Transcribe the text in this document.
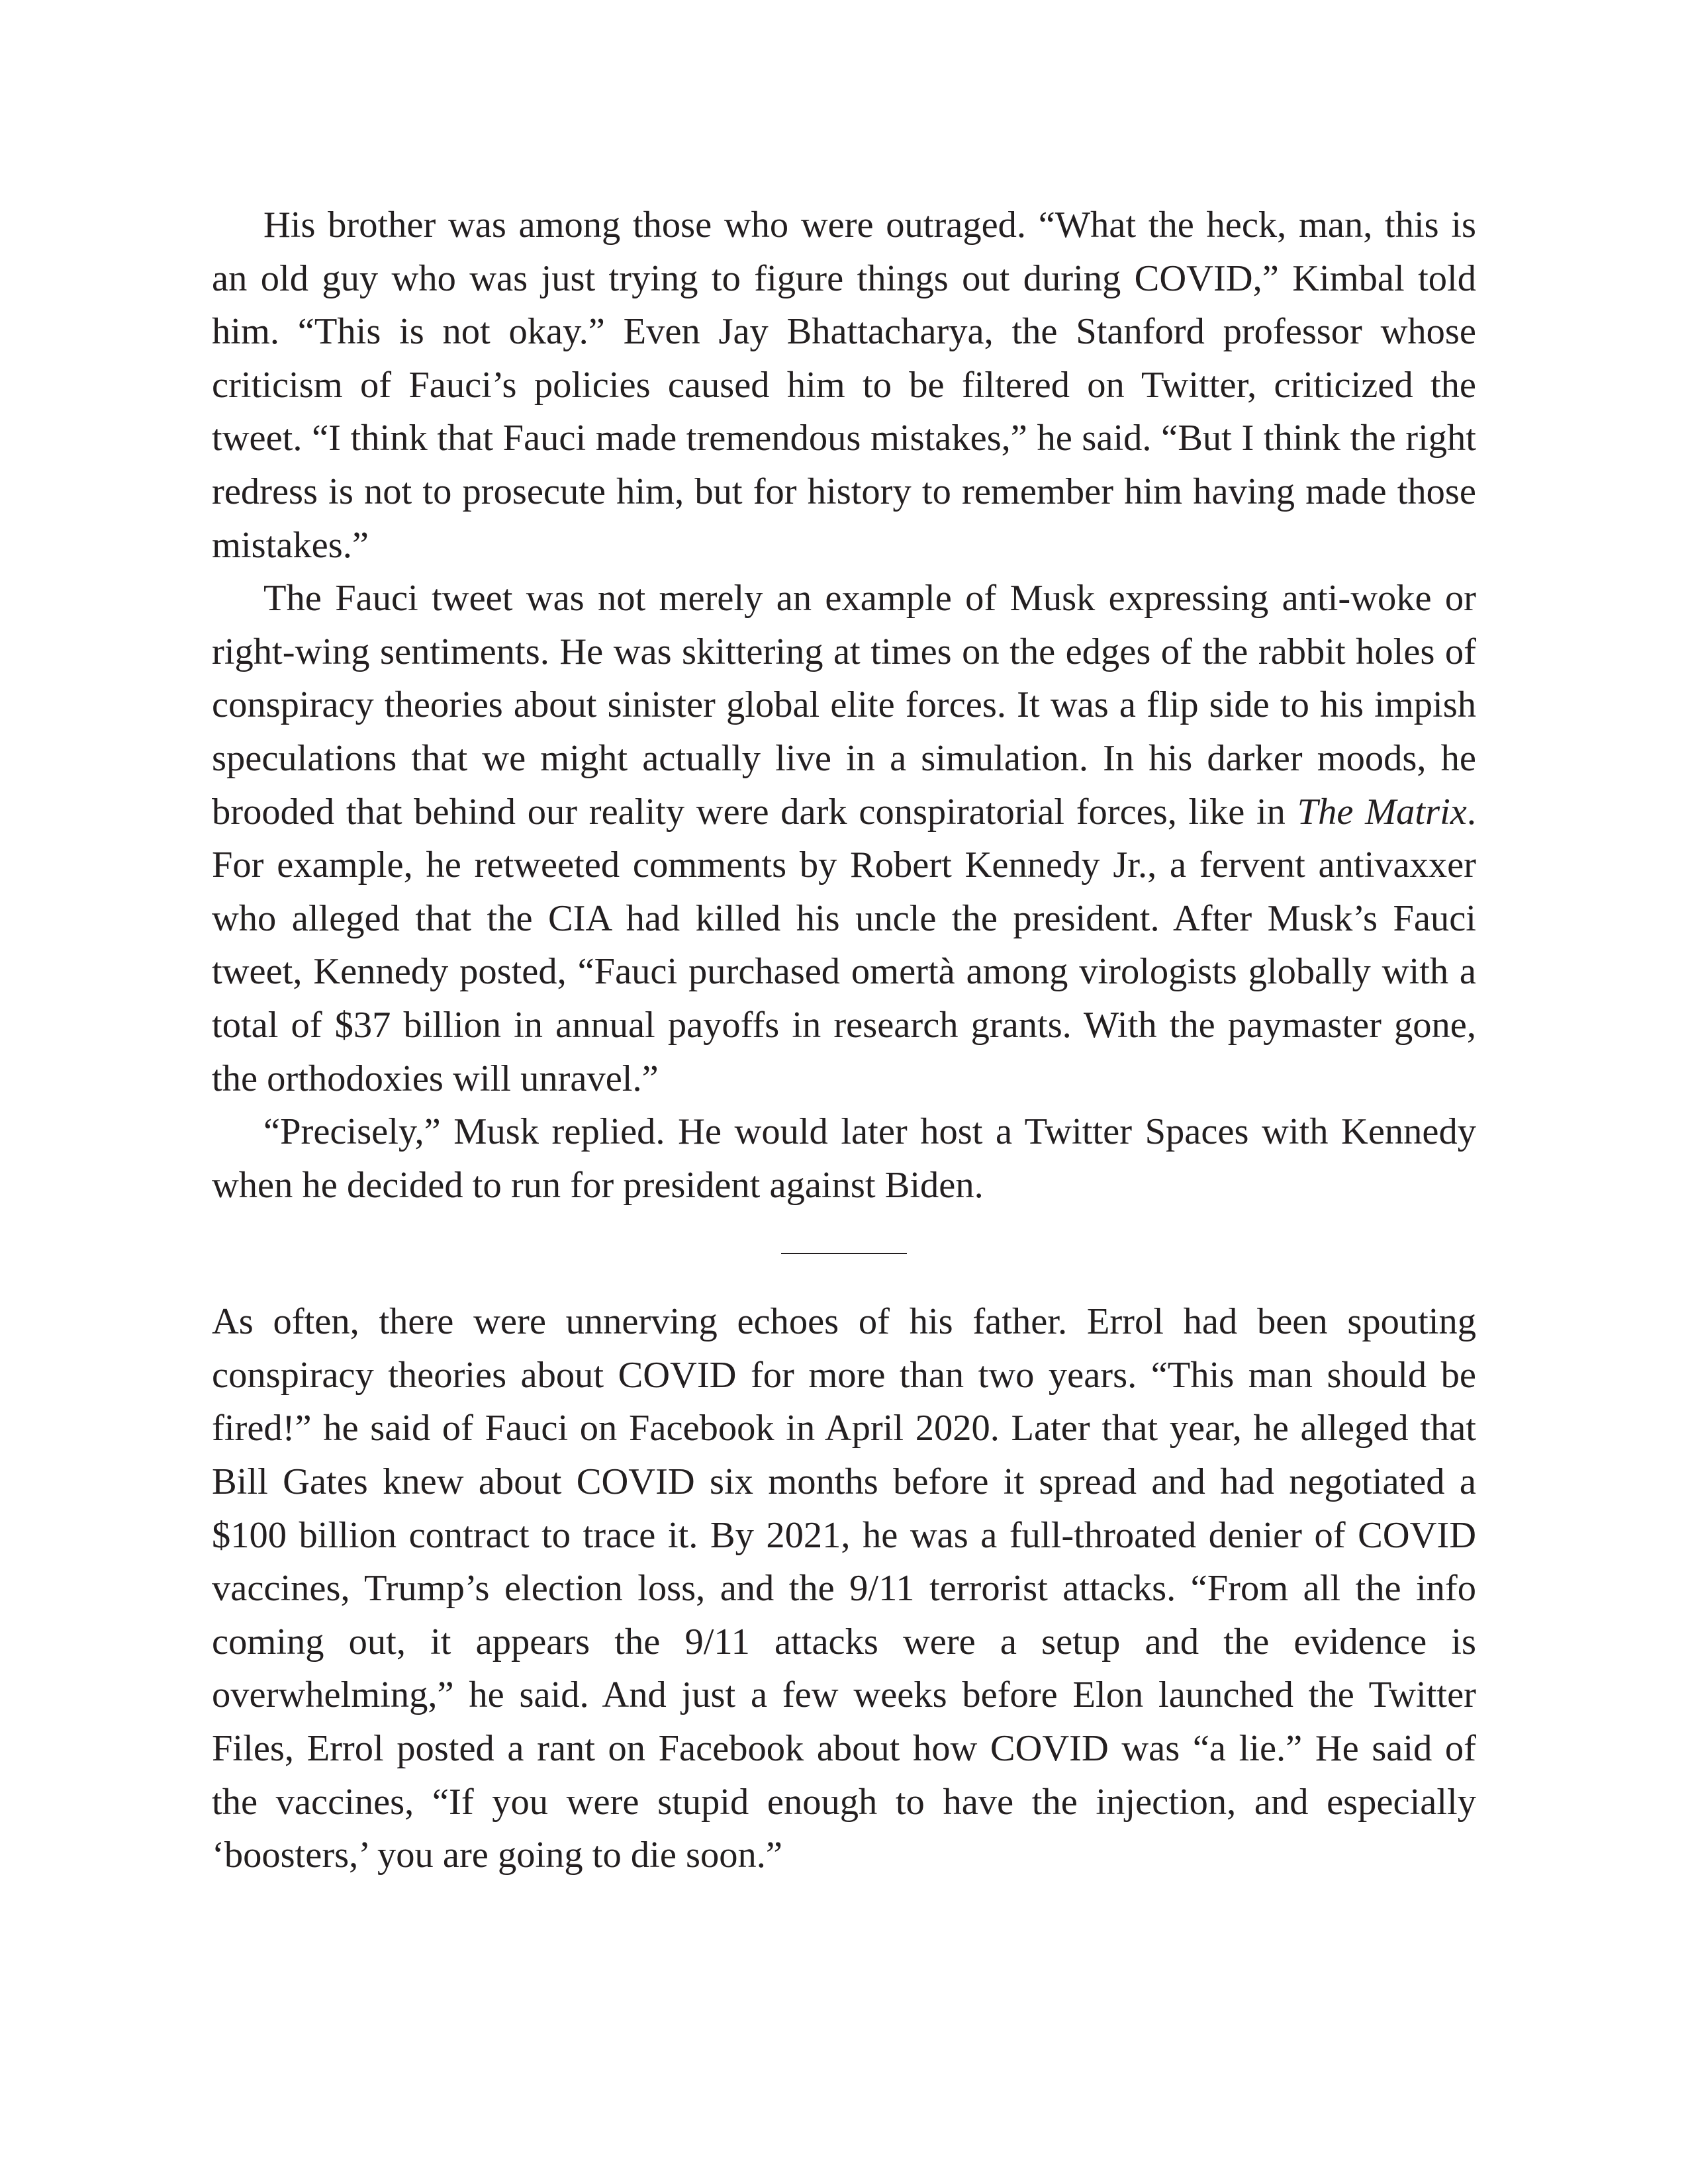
His brother was among those who were outraged. “What the heck, man, this is an old guy who was just trying to figure things out during COVID,” Kimbal told him. “This is not okay.” Even Jay Bhattacharya, the Stanford professor whose criticism of Fauci’s policies caused him to be filtered on Twitter, criticized the tweet. “I think that Fauci made tremendous mistakes,” he said. “But I think the right redress is not to prosecute him, but for history to remember him having made those mistakes.”

The Fauci tweet was not merely an example of Musk expressing anti-woke or right-wing sentiments. He was skittering at times on the edges of the rabbit holes of conspiracy theories about sinister global elite forces. It was a flip side to his impish speculations that we might actually live in a simulation. In his darker moods, he brooded that behind our reality were dark conspiratorial forces, like in The Matrix. For example, he retweeted comments by Robert Kennedy Jr., a fervent antivaxxer who alleged that the CIA had killed his uncle the president. After Musk’s Fauci tweet, Kennedy posted, “Fauci purchased omertà among virologists globally with a total of $37 billion in annual payoffs in research grants. With the paymaster gone, the orthodoxies will unravel.”

“Precisely,” Musk replied. He would later host a Twitter Spaces with Kennedy when he decided to run for president against Biden.

As often, there were unnerving echoes of his father. Errol had been spouting conspiracy theories about COVID for more than two years. “This man should be fired!” he said of Fauci on Facebook in April 2020. Later that year, he alleged that Bill Gates knew about COVID six months before it spread and had negotiated a $100 billion contract to trace it. By 2021, he was a full-throated denier of COVID vaccines, Trump’s election loss, and the 9/11 terrorist attacks. “From all the info coming out, it appears the 9/11 attacks were a setup and the evidence is overwhelming,” he said. And just a few weeks before Elon launched the Twitter Files, Errol posted a rant on Facebook about how COVID was “a lie.” He said of the vaccines, “If you were stupid enough to have the injection, and especially ‘boosters,’ you are going to die soon.”
